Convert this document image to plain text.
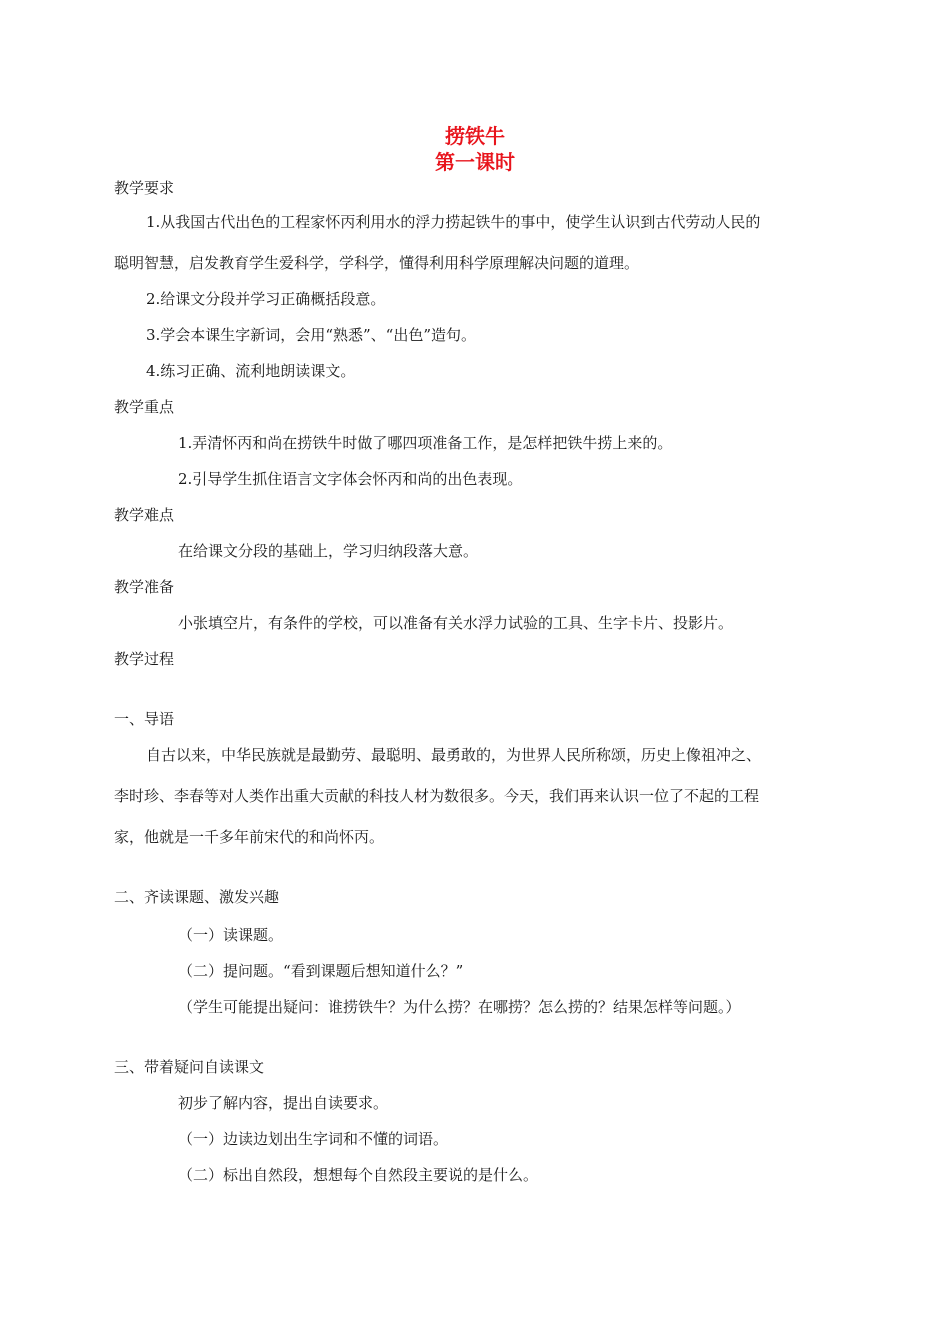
捞铁牛
第一课时
教学要求
1.从我国古代出色的工程家怀丙利用水的浮力捞起铁牛的事中，使学生认识到古代劳动人民的
聪明智慧，启发教育学生爱科学，学科学，懂得利用科学原理解决问题的道理。
2.给课文分段并学习正确概括段意。
3.学会本课生字新词，会用“熟悉”、“出色”造句。
4.练习正确、流利地朗读课文。
教学重点
1.弄清怀丙和尚在捞铁牛时做了哪四项准备工作，是怎样把铁牛捞上来的。
2.引导学生抓住语言文字体会怀丙和尚的出色表现。
教学难点
在给课文分段的基础上，学习归纳段落大意。
教学准备
小张填空片，有条件的学校，可以准备有关水浮力试验的工具、生字卡片、投影片。
教学过程
一、导语
自古以来，中华民族就是最勤劳、最聪明、最勇敢的，为世界人民所称颂，历史上像祖冲之、
李时珍、李春等对人类作出重大贡献的科技人材为数很多。今天，我们再来认识一位了不起的工程
家，他就是一千多年前宋代的和尚怀丙。
二、齐读课题、激发兴趣
（一）读课题。
（二）提问题。“看到课题后想知道什么？”
（学生可能提出疑问：谁捞铁牛？为什么捞？在哪捞？怎么捞的？结果怎样等问题。）
三、带着疑问自读课文
初步了解内容，提出自读要求。
（一）边读边划出生字词和不懂的词语。
（二）标出自然段，想想每个自然段主要说的是什么。
